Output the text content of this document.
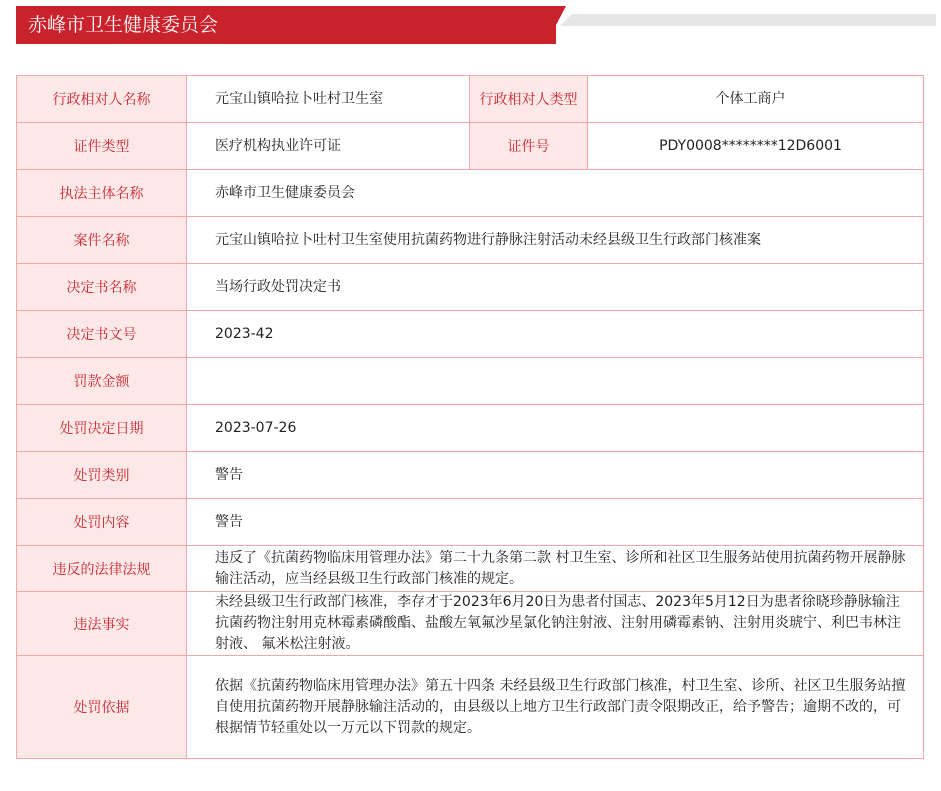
赤峰市卫生健康委员会
行政相对人名称	元宝山镇哈拉卜吐村卫生室	行政相对人类型	个体工商户
证件类型	医疗机构执业许可证	证件号	PDY0008********12D6001
执法主体名称	赤峰市卫生健康委员会		
案件名称	元宝山镇哈拉卜吐村卫生室使用抗菌药物进行静脉注射活动未经县级卫生行政部门核准案		
决定书名称	当场行政处罚决定书		
决定书文号	2023-42		
罚款金额			
处罚决定日期	2023-07-26		
处罚类别	警告		
处罚内容	警告		
违反的法律法规	违反了《抗菌药物临床用管理办法》第二十九条第二款 村卫生室、诊所和社区卫生服务站使用抗菌药物开展静脉输注活动，应当经县级卫生行政部门核准的规定。		
违法事实	未经县级卫生行政部门核准，李存才于2023年6月20日为患者付国志、2023年5月12日为患者徐晓珍静脉输注抗菌药物注射用克林霉素磷酸酯、盐酸左氧氟沙星氯化钠注射液、注射用磷霉素钠、注射用炎琥宁、利巴韦林注射液、 氟米松注射液。		
处罚依据	依据《抗菌药物临床用管理办法》第五十四条 未经县级卫生行政部门核准，村卫生室、诊所、社区卫生服务站擅自使用抗菌药物开展静脉输注活动的，由县级以上地方卫生行政部门责令限期改正，给予警告；逾期不改的，可根据情节轻重处以一万元以下罚款的规定。		
